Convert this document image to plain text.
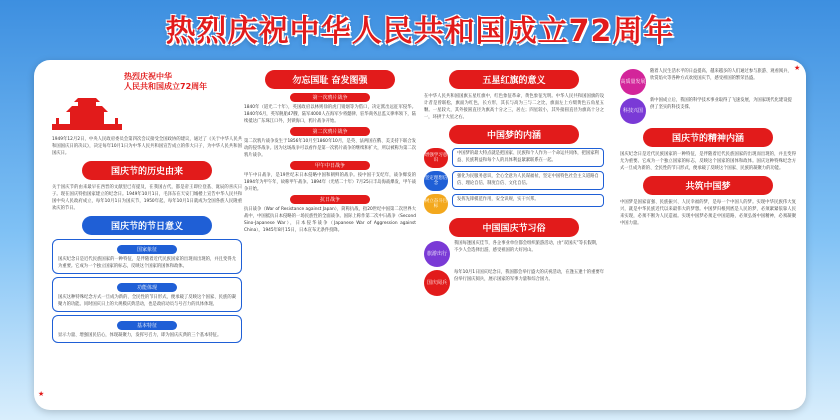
热烈庆祝中华人民共和国成立72周年
热烈庆祝中华
人民共和国成立72周年
1949年12月2日，中央人民政府委员会第四次会议接受全国政协的建议，通过了《关于中华人民共和国国庆日的决议》，决定每年10月1日为中华人民共和国宣告成立的伟大日子，为中华人民共和国国庆日。
国庆节的历史由来
关于国庆节的由来最早在西晋的文献里已有提及，在我国古代，都是帝王即位登基、诞辰的喜庆日子。现在国庆特指国家建立的纪念日。1949年10月1日，毛泽东在天安门城楼上宣告中华人民共和国中央人民政府成立，每年10月1日为国庆节，1950年起，每年10月1日就成为全国各族人民隆重欢庆的节日。
国庆节的节日意义
国家象征
国庆纪念日是近代民族国家的一种特征，是伴随着近代民族国家的出现而出现的，并且变得尤为重要。它成为一个独立国家的标志，反映这个国家的国体和政体。
功能体现
国庆这种特殊纪念方式一旦成为新的、全民性的节日形式，便承载了反映这个国家、民族的凝聚力的功能。同时国庆日上的大规模庆典活动，也是政府动员与号召力的具体体现。
基本特征
显示力量、增强国民信心，体现凝聚力，发挥号召力，即为国庆庆典的三个基本特征。
勿忘国耻 奋发图强
第一次鸦片战争
1840年（道光二十年），英国政府以林则徐的虎门销烟等为借口，决定派出远征军侵华。1840年6月，英军舰船47艘、陆军4000人在海军少将懿律、驻华商务总监义律率领下，陆续抵达广东珠江口外，封锁海口，鸦片战争开始。
第二次鸦片战争
第二次鸦片战争发生于1856年10月至1860年10月，是英、法两国在俄、美支持下联合发动的侵华战争。因为这场战争可以看作是第一次鸦片战争的继续和扩大，所以被称为第二次鸦片战争。
甲午中日战争
甲午中日战争，是19世纪末日本侵略中国和朝鲜的战争。按中国干支纪年，战争爆发的1894年为甲午年，故称甲午战争。1894年（光绪二十年）7月25日丰岛海战爆发，甲午战争开始。
抗日战争
抗日战争（War of Resistance against Japan），简称抗战，指20世纪中国第二次世界大战中，中国抵抗日本侵略的一场民族性的全面战争。国际上称作第二次中日战争（Second Sino-Japanese War），日本侵华战争（Japanese War of Aggression against China），1945年8月15日，日本宣布无条件投降。
五星红旗的意义
在中华人民共和国国旗五星红旗中，红色象征革命，黄色象征光明。中华人民共和国国旗的设计者是曾联松，旗面为红色，长方形，其长与高为三与二之比，旗面左上方缀黄色五角星五颗。一星较大，其外接圆直径为旗高十分之三，居左；四星较小，其外接圆直径为旗高十分之一，环拱于大星之右。
中国梦的内涵
增强学习意识
中国梦的最大特点就是把国家、民族和个人作为一个命运共同体，把国家利益、民族利益和每个人的具体利益紧紧联系在一起。
坚定理想信念
强化为民服务意识，全心全意为人民谋福祉，坚定中国特色社会主义道路自信、理论自信、制度自信、文化自信。
树立奋斗目标
发挥先锋模范作用，安全识规，实干兴邦。
中国国庆节习俗
旅游出行
我国每逢国庆佳节，各企事业单位都会组织旅游活动，由“双国庆”等长假期，不少人会选择出游，感受祖国的大好河山。
国庆阅兵
每年10月1日国庆纪念日，我国都会举行盛大的庆祝活动，在逢五逢十的重要年份举行国庆阅兵，展示国家的军事力量和综合国力。
高质量发展
随着人民生活水平的日益提高，越来越多的人们通过参与旅游、观看阅兵、欣赏焰火等各种方式欢度国庆节，感受祖国的繁荣昌盛。
科技兴国
新中国成立后，我国的科学技术事业取得了飞速发展，为国家现代化建设提供了坚实的科技支撑。
国庆节的精神内涵
国庆纪念日是近代民族国家的一种特征，是伴随着近代民族国家的出现而出现的，并且变得尤为重要。它成为一个独立国家的标志，反映这个国家的国体和政体。国庆这种特殊纪念方式一旦成为新的、全民性的节日形式，便承载了反映这个国家、民族的凝聚力的功能。
共筑中国梦
中国梦是国家富强、民族振兴、人民幸福的梦，是每一个中国人的梦。实现中华民族伟大复兴，就是中华民族近代以来最伟大的梦想。中国梦归根到底是人民的梦，必须紧紧依靠人民来实现，必须不断为人民造福。实现中国梦必须走中国道路，必须弘扬中国精神，必须凝聚中国力量。
★
★
